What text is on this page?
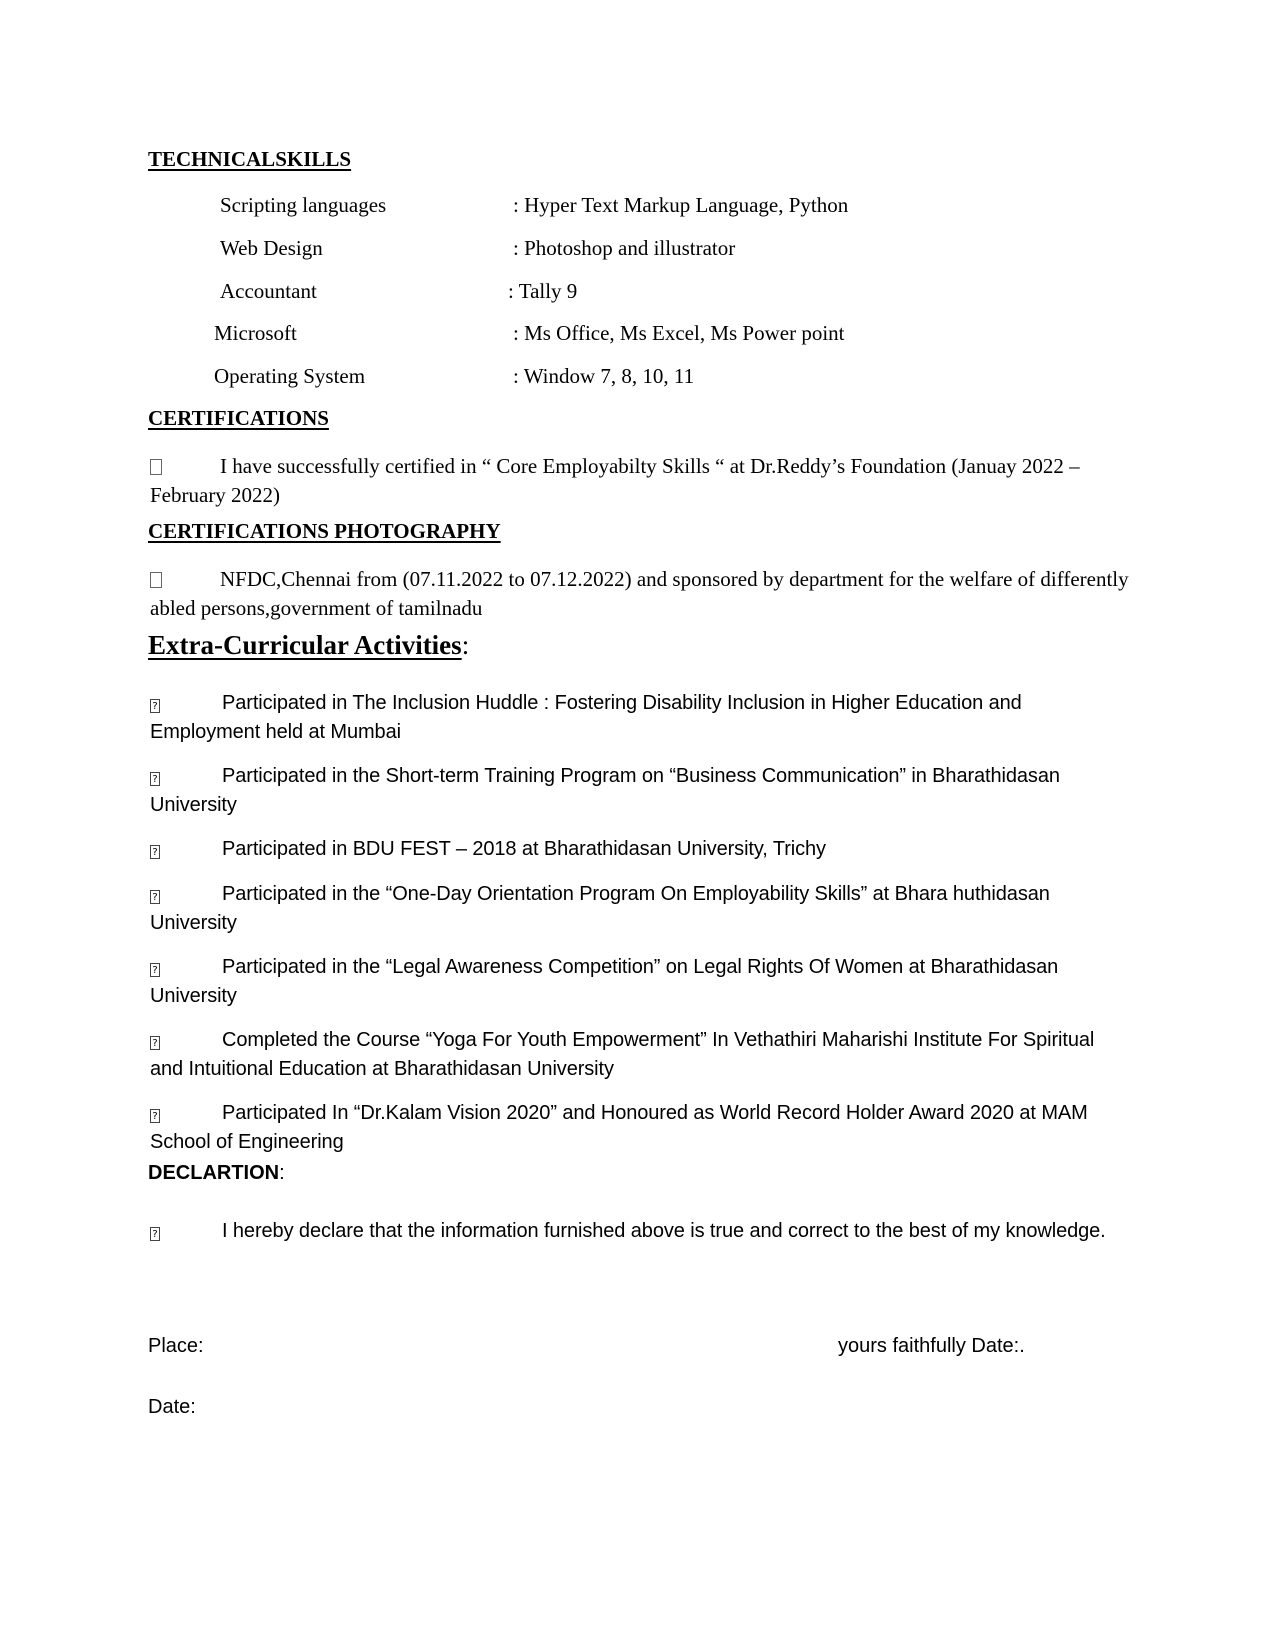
TECHNICALSKILLS
Scripting languages	: Hyper Text Markup Language, Python
Web Design	: Photoshop and illustrator
Accountant	: Tally 9
Microsoft	: Ms Office, Ms Excel, Ms Power point
Operating System	: Window 7, 8, 10, 11
CERTIFICATIONS
I have successfully certified in “ Core Employabilty Skills “ at Dr.Reddy’s Foundation (Januay 2022 – February 2022)
CERTIFICATIONS PHOTOGRAPHY
NFDC,Chennai from (07.11.2022 to 07.12.2022) and sponsored by department for the welfare of differently abled persons,government of tamilnadu
Extra-Curricular Activities:
?	Participated in The Inclusion Huddle : Fostering Disability Inclusion in Higher Education and Employment held at Mumbai
?	Participated in the Short-term Training Program on “Business Communication” in Bharathidasan University
?	Participated in BDU FEST – 2018 at Bharathidasan University, Trichy
?	Participated in the “One-Day Orientation Program On Employability Skills” at Bhara huthidasan University
?	Participated in the “Legal Awareness Competition” on Legal Rights Of Women at Bharathidasan University
?	Completed the Course “Yoga For Youth Empowerment” In Vethathiri Maharishi Institute For Spiritual and Intuitional Education at Bharathidasan University
?	Participated In “Dr.Kalam Vision 2020” and Honoured as World Record Holder Award 2020 at MAM School of Engineering
DECLARTION:
?	I hereby declare that the information furnished above is true and correct to the best of my knowledge.
Place:	yours faithfully Date:.
Date:
